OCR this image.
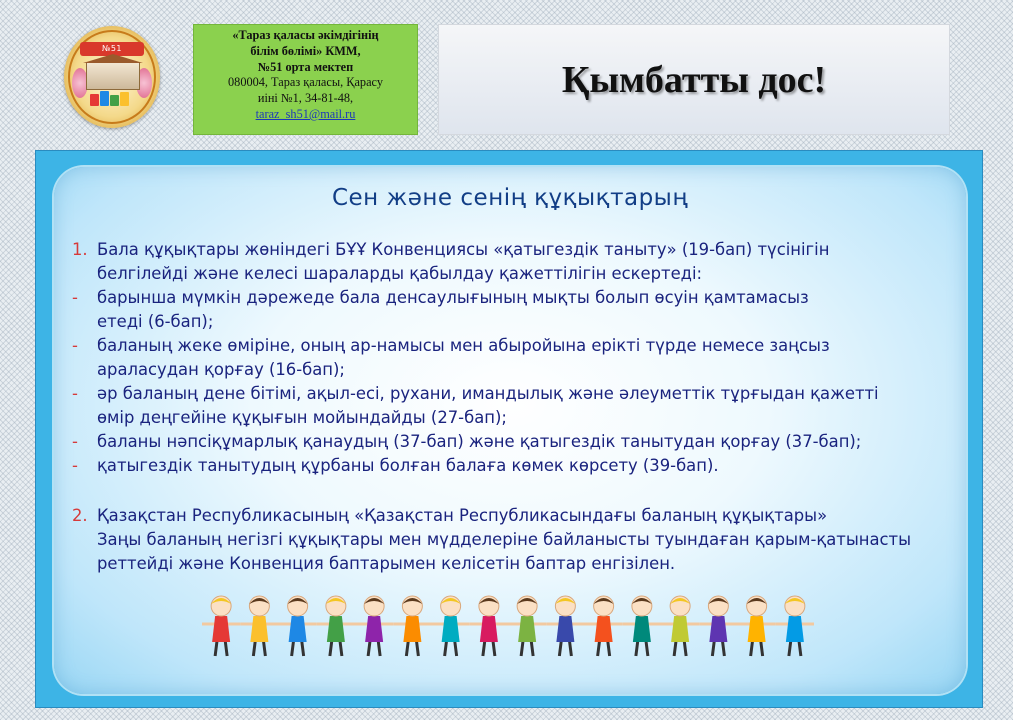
№51
«Тараз қаласы әкімдігінің
білім бөлімі» КММ,
№51 орта мектеп
080004, Тараз қаласы, Қарасу
иіні №1, 34-81-48,
taraz_sh51@mail.ru
Қымбатты дос!
Сен және сенің құқықтарың
1. Бала құқықтары жөніндегі БҰҰ Конвенциясы «қатыгездік таныту» (19-бап) түсінігін
белгілейді және келесі шараларды қабылдау қажеттілігін ескертеді:
-	барынша мүмкін дәрежеде бала денсаулығының мықты болып өсуін қамтамасыз
етеді (6-бап);
-	баланың жеке өміріне, оның ар-намысы мен абыройына ерікті түрде немесе заңсыз
араласудан қорғау (16-бап);
-	әр баланың дене бітімі, ақыл-есі, рухани, имандылық және әлеуметтік тұрғыдан қажетті
өмір деңгейіне құқығын мойындайды (27-бап);
-	баланы нәпсіқұмарлық қанаудың (37-бап) және қатыгездік танытудан қорғау (37-бап);
-	қатыгездік танытудың құрбаны болған балаға көмек көрсету (39-бап).
2. Қазақстан Республикасының «Қазақстан Республикасындағы баланың құқықтары»
Заңы баланың негізгі құқықтары мен мүдделеріне байланысты туындаған қарым-қатынасты
реттейді және Конвенция баптарымен келісетін баптар енгізілен.
